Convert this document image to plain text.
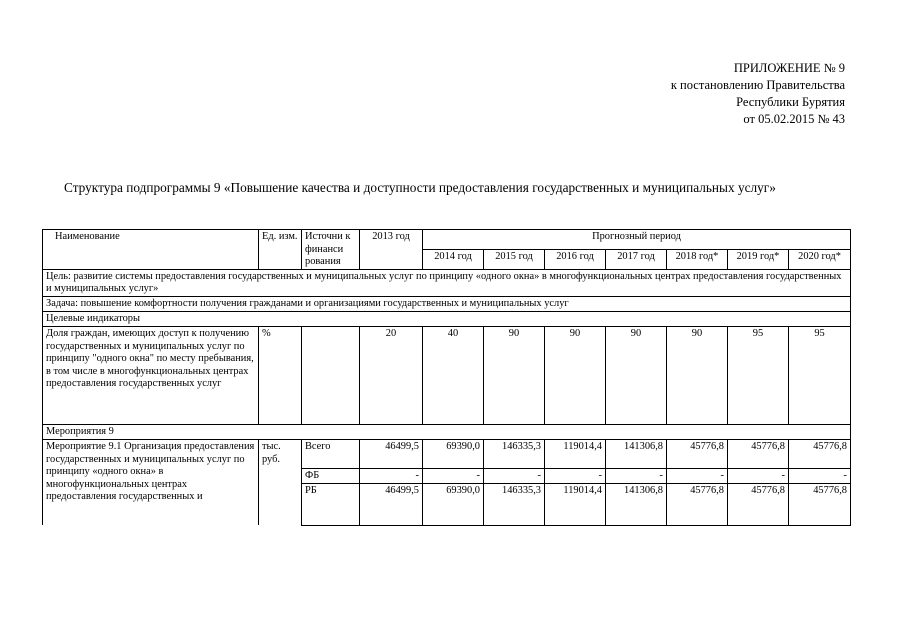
ПРИЛОЖЕНИЕ № 9
к постановлению Правительства
Республики Бурятия
от 05.02.2015 № 43
Структура подпрограммы 9 «Повышение качества и доступности предоставления государственных и муниципальных услуг»
Наименование	Ед. изм.	Источни к финанси рования	2013 год	Прогнозный период						
				2014 год	2015 год	2016 год	2017 год	2018 год*	2019 год*	2020 год*
Цель: развитие системы предоставления государственных и муниципальных услуг по принципу «одного окна» в многофункциональных центрах предоставления государственных и муниципальных услуг»										
Задача: повышение комфортности получения гражданами и организациями государственных и муниципальных услуг										
Целевые индикаторы										
Доля граждан, имеющих доступ к получению государственных и муниципальных услуг по принципу "одного окна" по месту пребывания, в том числе в многофункциональных центрах предоставления государственных услуг	%		20	40	90	90	90	90	95	95
Мероприятия 9										
Мероприятие 9.1 Организация предоставления государственных и муниципальных услуг по принципу «одного окна» в многофункциональных центрах предоставления государственных и	тыс. руб.	Всего	46499,5	69390,0	146335,3	119014,4	141306,8	45776,8	45776,8	45776,8
		ФБ	-	-	-	-	-	-	-	-
		РБ	46499,5	69390,0	146335,3	119014,4	141306,8	45776,8	45776,8	45776,8
